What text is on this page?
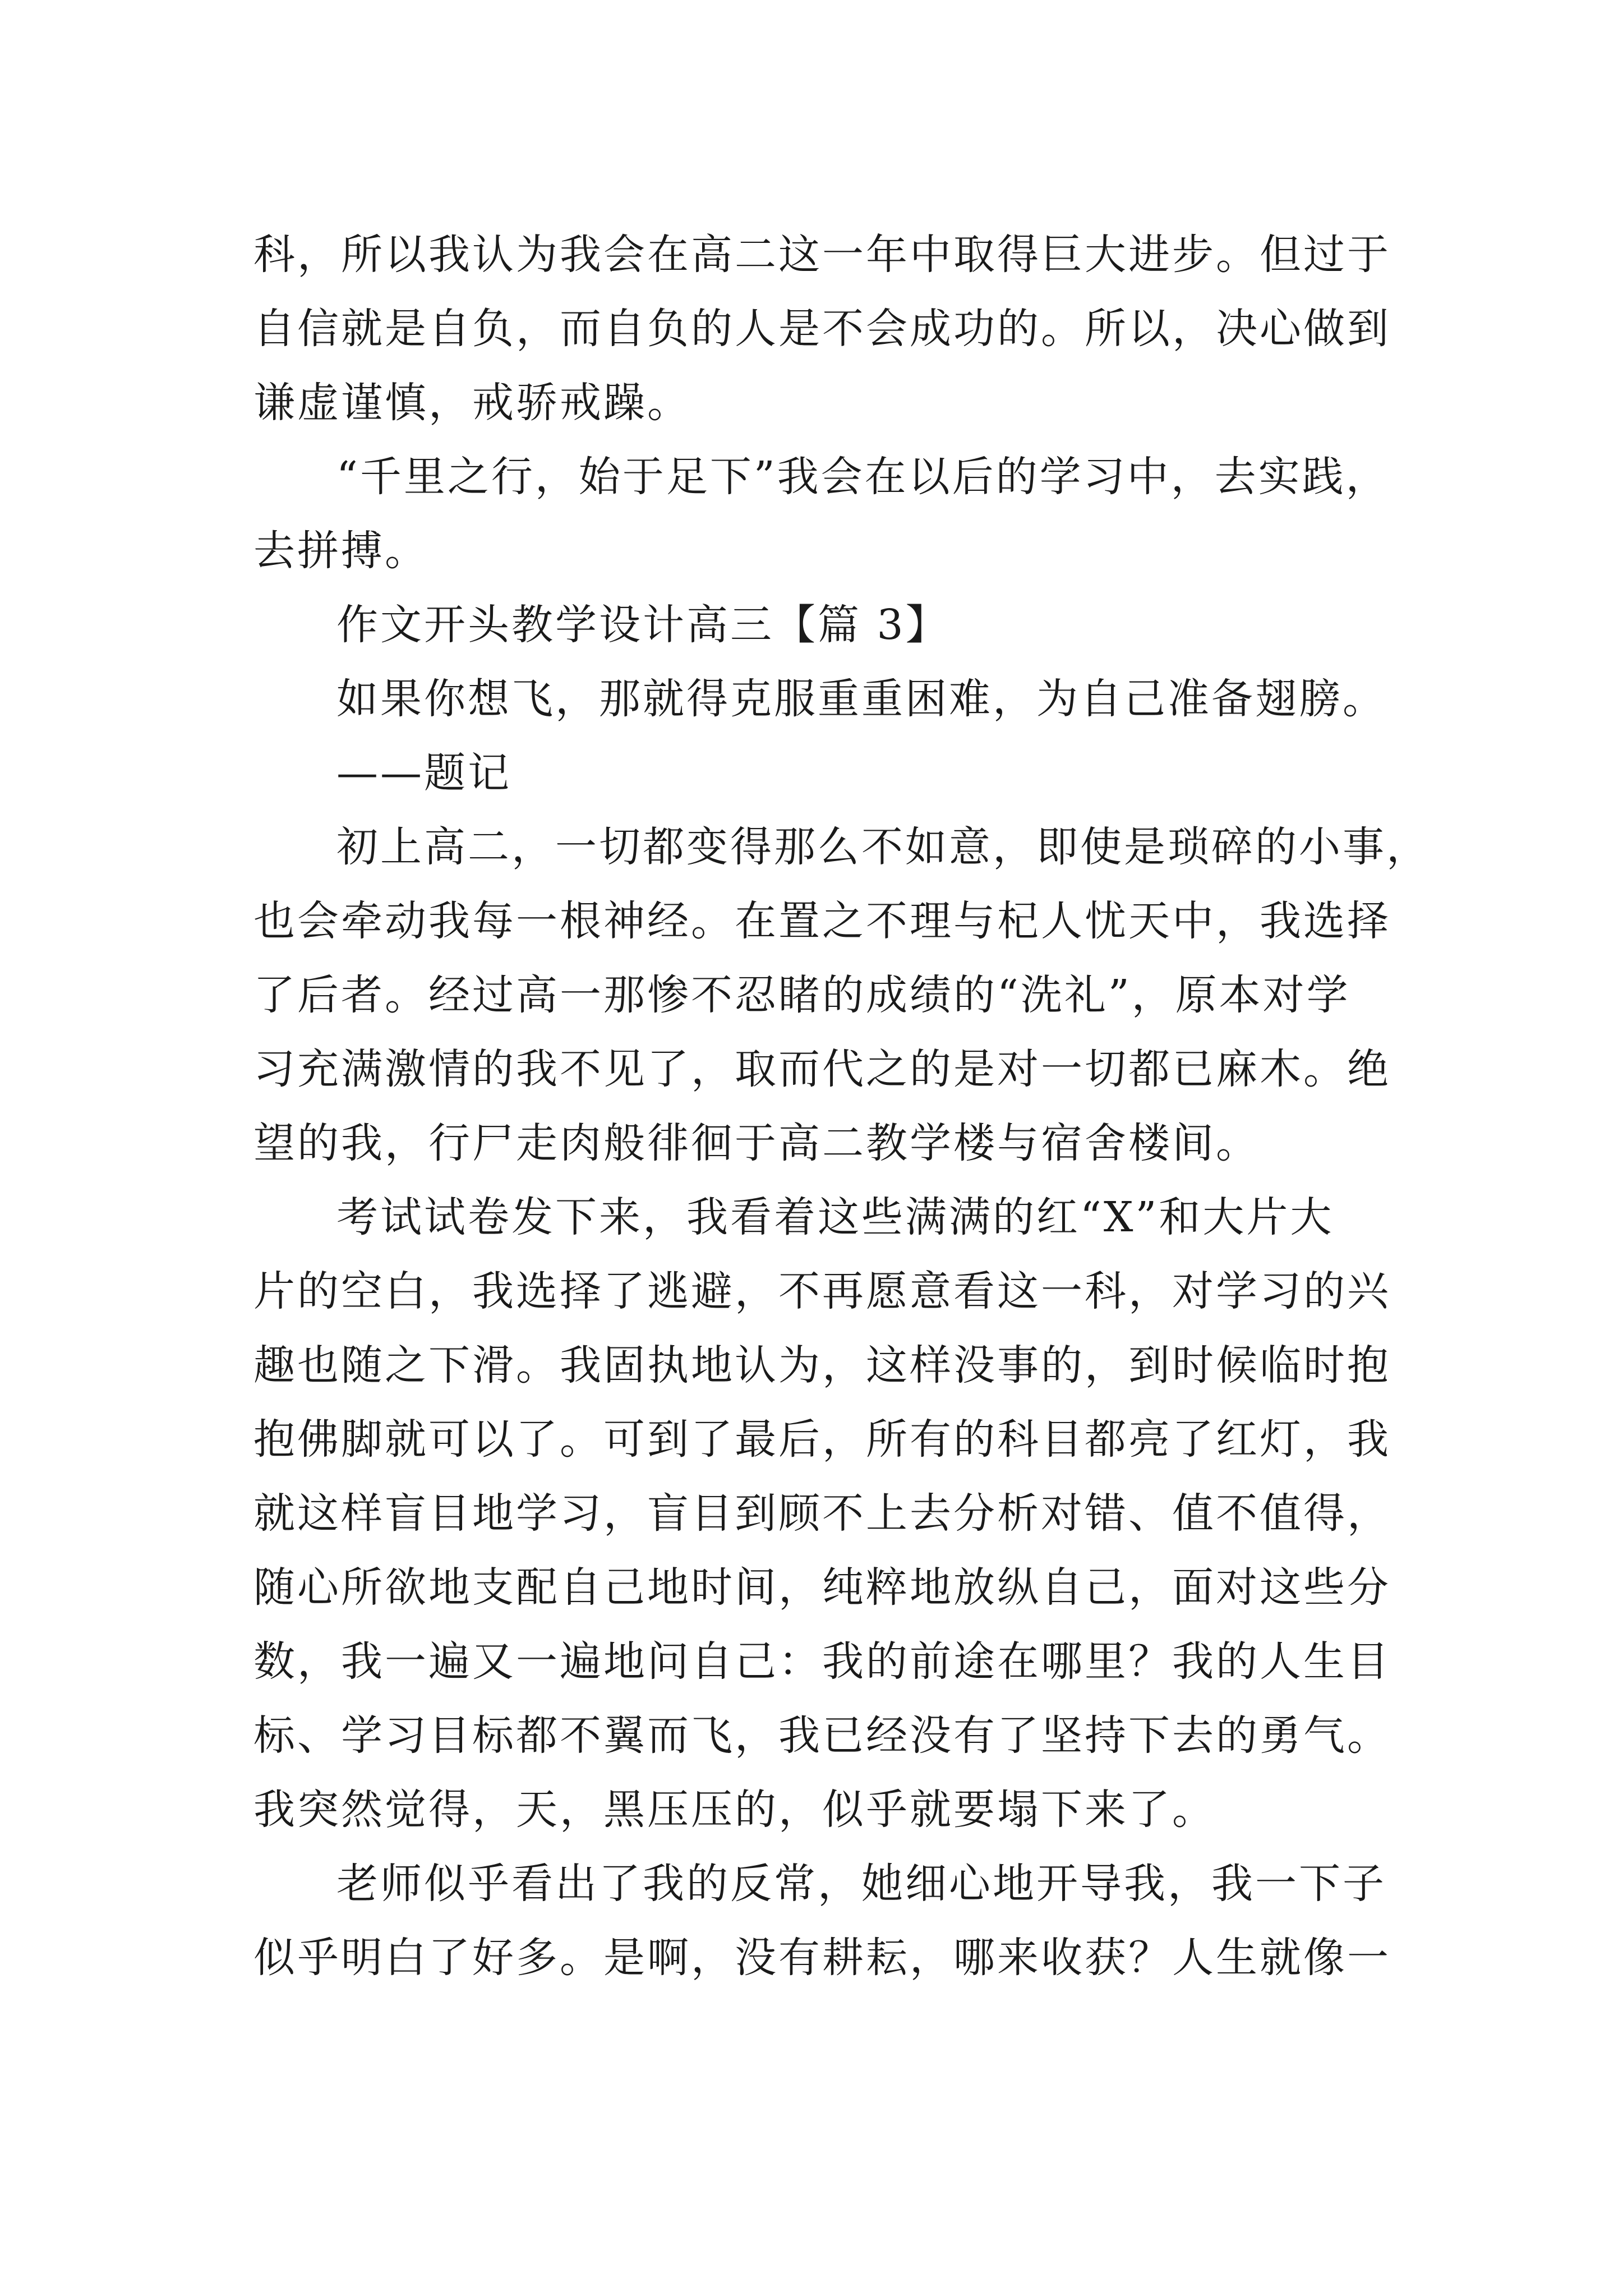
科，所以我认为我会在高二这一年中取得巨大进步。但过于
自信就是自负，而自负的人是不会成功的。所以，决心做到
谦虚谨慎，戒骄戒躁。
“千里之行，始于足下”我会在以后的学习中，去实践，
去拼搏。
作文开头教学设计高三【篇 3】
如果你想飞，那就得克服重重困难，为自己准备翅膀。
——题记
初上高二，一切都变得那么不如意，即使是琐碎的小事，
也会牵动我每一根神经。在置之不理与杞人忧天中，我选择
了后者。经过高一那惨不忍睹的成绩的“洗礼”，原本对学
习充满激情的我不见了，取而代之的是对一切都已麻木。绝
望的我，行尸走肉般徘徊于高二教学楼与宿舍楼间。
考试试卷发下来，我看着这些满满的红“X”和大片大
片的空白，我选择了逃避，不再愿意看这一科，对学习的兴
趣也随之下滑。我固执地认为，这样没事的，到时候临时抱
抱佛脚就可以了。可到了最后，所有的科目都亮了红灯，我
就这样盲目地学习，盲目到顾不上去分析对错、值不值得，
随心所欲地支配自己地时间，纯粹地放纵自己，面对这些分
数，我一遍又一遍地问自己：我的前途在哪里？我的人生目
标、学习目标都不翼而飞，我已经没有了坚持下去的勇气。
我突然觉得，天，黑压压的，似乎就要塌下来了。
老师似乎看出了我的反常，她细心地开导我，我一下子
似乎明白了好多。是啊，没有耕耘，哪来收获？人生就像一
